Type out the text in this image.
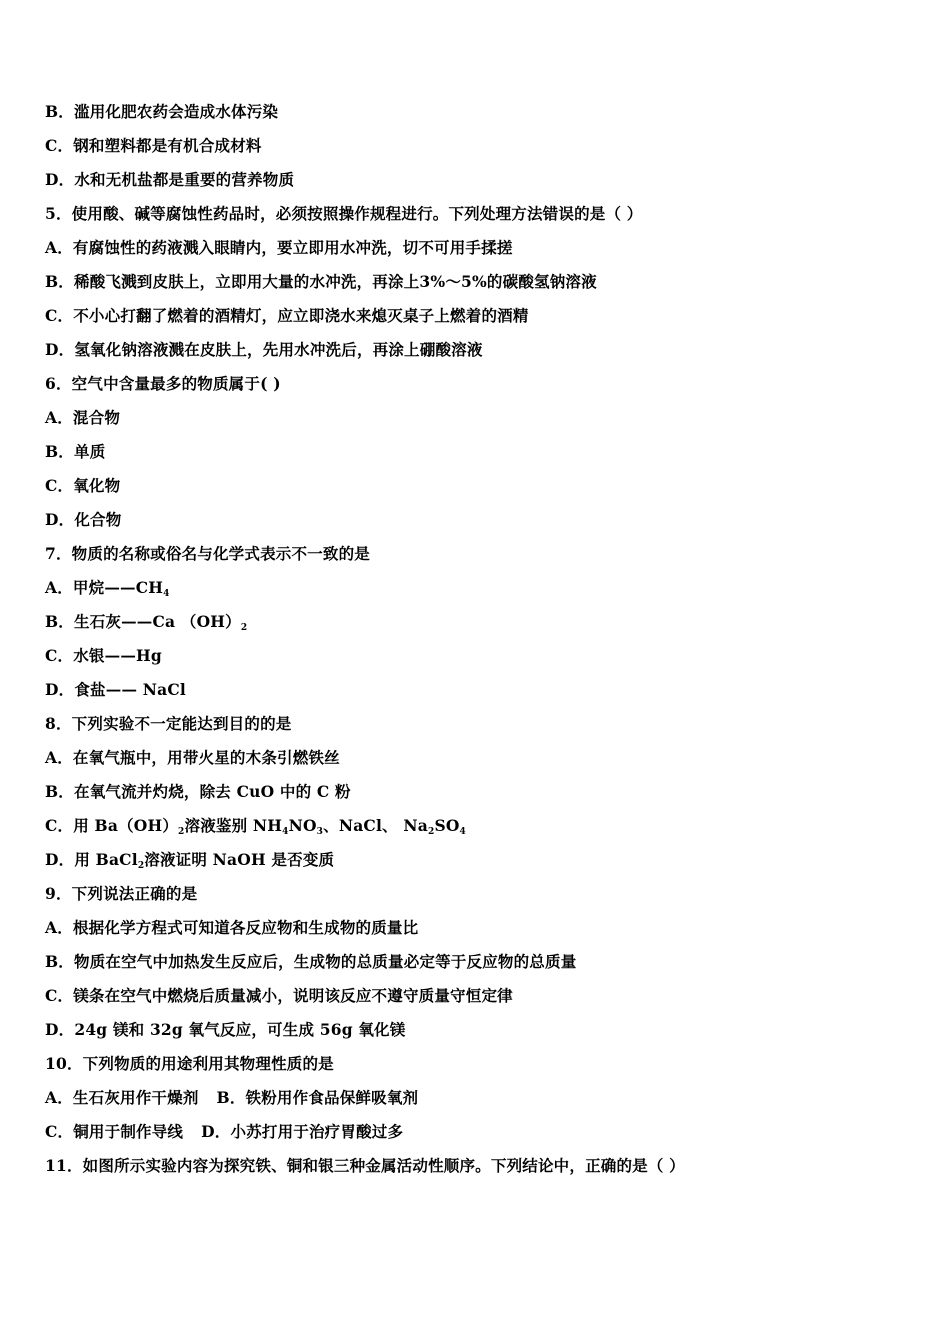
B．滥用化肥农药会造成水体污染
C．钢和塑料都是有机合成材料
D．水和无机盐都是重要的营养物质
5．使用酸、碱等腐蚀性药品时，必须按照操作规程进行。下列处理方法错误的是（ ）
A．有腐蚀性的药液溅入眼睛内，要立即用水冲洗，切不可用手揉搓
B．稀酸飞溅到皮肤上，立即用大量的水冲洗，再涂上3%～5%的碳酸氢钠溶液
C．不小心打翻了燃着的酒精灯，应立即浇水来熄灭桌子上燃着的酒精
D．氢氧化钠溶液溅在皮肤上，先用水冲洗后，再涂上硼酸溶液
6．空气中含量最多的物质属于( )
A．混合物
B．单质
C．氧化物
D．化合物
7．物质的名称或俗名与化学式表示不一致的是
A．甲烷$——CH_4$
B．生石灰——Ca $(OH)_2$
C．水银——Hg
D．食盐—— NaCl
8．下列实验不一定能达到目的的是
A．在氧气瓶中，用带火星的木条引燃铁丝
B．在氧气流并灼烧，除去 CuO 中的 C 粉
C．用 $Ba(OH)_2$溶液鉴别 $NH_4NO_3$、NaCl、 $Na_2SO_4$
D．用 BaCl$_2$溶液证明 NaOH 是否变质
9．下列说法正确的是
A．根据化学方程式可知道各反应物和生成物的质量比
B．物质在空气中加热发生反应后，生成物的总质量必定等于反应物的总质量
C．镁条在空气中燃烧后质量减小，说明该反应不遵守质量守恒定律
D．24g 镁和 32g 氧气反应，可生成 56g 氧化镁
10．下列物质的用途利用其物理性质的是
A．生石灰用作干燥剂 B．铁粉用作食品保鲜吸氧剂
C．铜用于制作导线 D．小苏打用于治疗胃酸过多
11．如图所示实验内容为探究铁、铜和银三种金属活动性顺序。下列结论中，正确的是（ ）
